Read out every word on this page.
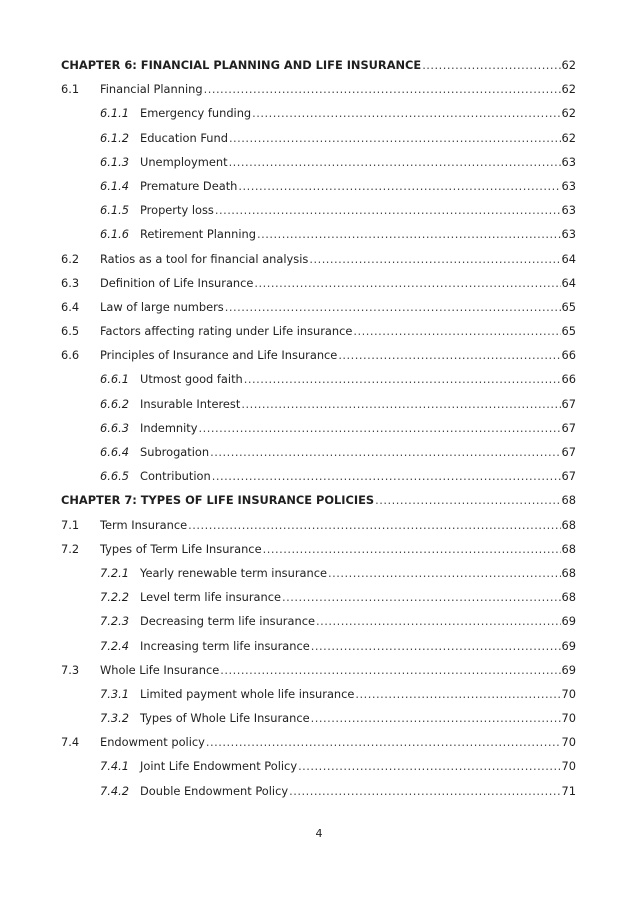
CHAPTER 6: FINANCIAL PLANNING AND LIFE INSURANCE .....	62
6.1	Financial Planning .....	62
6.1.1 Emergency funding .....	62
6.1.2 Education Fund .....	62
6.1.3 Unemployment .....	63
6.1.4 Premature Death .....	63
6.1.5 Property loss .....	63
6.1.6 Retirement Planning .....	63
6.2	Ratios as a tool for financial analysis .....	64
6.3	Definition of Life Insurance .....	64
6.4	Law of large numbers .....	65
6.5	Factors affecting rating under Life insurance .....	65
6.6	Principles of Insurance and Life Insurance .....	66
6.6.1 Utmost good faith .....	66
6.6.2 Insurable Interest .....	67
6.6.3 Indemnity .....	67
6.6.4 Subrogation .....	67
6.6.5 Contribution .....	67
CHAPTER 7: TYPES OF LIFE INSURANCE POLICIES .....	68
7.1	Term Insurance .....	68
7.2	Types of Term Life Insurance .....	68
7.2.1 Yearly renewable term insurance .....	68
7.2.2 Level term life insurance .....	68
7.2.3 Decreasing term life insurance .....	69
7.2.4 Increasing term life insurance .....	69
7.3	Whole Life Insurance .....	69
7.3.1 Limited payment whole life insurance .....	70
7.3.2 Types of Whole Life Insurance .....	70
7.4	Endowment policy .....	70
7.4.1 Joint Life Endowment Policy .....	70
7.4.2 Double Endowment Policy .....	71
4
